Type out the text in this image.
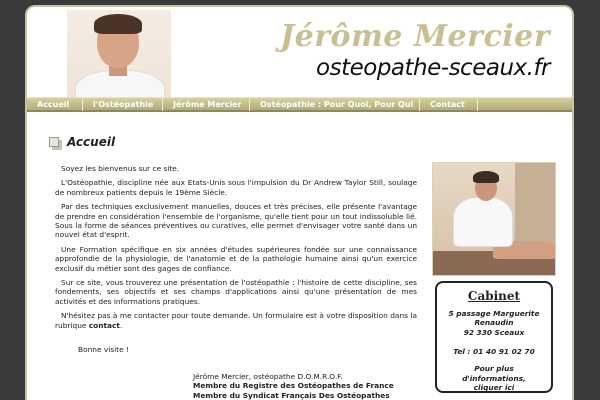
Jérôme Mercier
osteopathe-sceaux.fr
Accueil	l'Ostéopathie	Jérôme Mercier	Ostéopathie : Pour Quoi, Pour Qui ?
Contact
Accueil

Soyez les bienvenus sur ce site.

L'Ostéopathie, discipline née aux Etats-Unis sous l'impulsion du Dr Andrew Taylor Still, soulage de nombreux patients depuis le 19ème Siècle.

Par des techniques exclusivement manuelles, douces et très précises, elle présente l'avantage de prendre en considération l'ensemble de l'organisme, qu'elle tient pour un tout indissoluble lié. Sous la forme de séances préventives ou curatives, elle permet d'envisager votre santé dans un nouvel état d'esprit.

Une Formation spécifique en six années d'études supérieures fondée sur une connaissance approfondie de la physiologie, de l'anatomie et de la pathologie humaine ainsi qu'un exercice exclusif du métier sont des gages de confiance.

Sur ce site, vous trouverez une présentation de l'ostéopathie : l'histoire de cette discipline, ses fondements, ses objectifs et ses champs d'applications ainsi qu'une présentation de mes activités et des informations pratiques.

N'hésitez pas à me contacter pour toute demande. Un formulaire est à votre disposition dans la rubrique contact.

Bonne visite !
Jérôme Mercier, ostéopathe D.O.M.R.O.F.
Membre du Registre des Ostéopathes de France
Membre du Syndicat Français Des Ostéopathes
Cabinet
5 passage Marguerite
Renaudin
92 330 Sceaux
Tel : 01 40 91 02 70
Pour plus
d'informations,
cliquer ici
